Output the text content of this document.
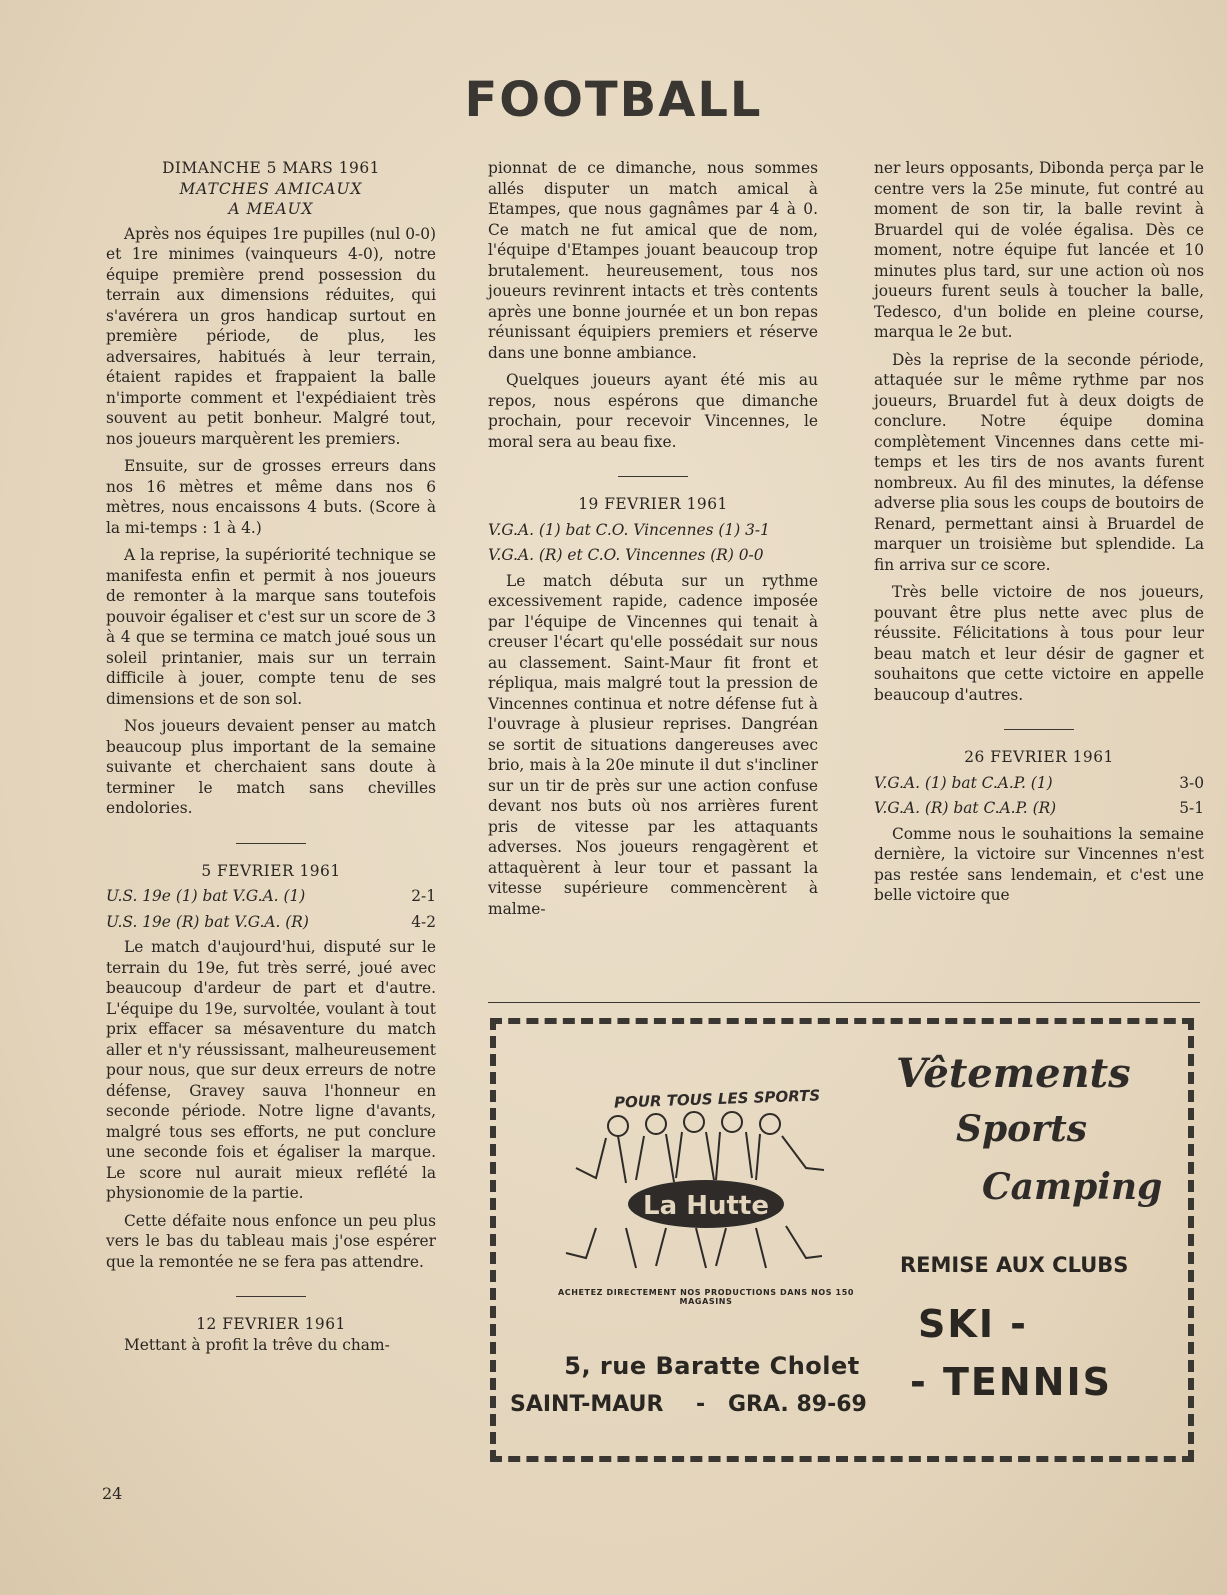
FOOTBALL
DIMANCHE 5 MARS 1961
MATCHES AMICAUX
A MEAUX

Après nos équipes 1re pupilles (nul 0-0) et 1re minimes (vainqueurs 4-0), notre équipe première prend possession du terrain aux dimensions réduites, qui s'avérera un gros handicap surtout en première période, de plus, les adversaires, habitués à leur terrain, étaient rapides et frappaient la balle n'importe comment et l'expédiaient très souvent au petit bonheur. Malgré tout, nos joueurs marquèrent les premiers.

Ensuite, sur de grosses erreurs dans nos 16 mètres et même dans nos 6 mètres, nous encaissons 4 buts. (Score à la mi-temps : 1 à 4.)

A la reprise, la supériorité technique se manifesta enfin et permit à nos joueurs de remonter à la marque sans toutefois pouvoir égaliser et c'est sur un score de 3 à 4 que se termina ce match joué sous un soleil printanier, mais sur un terrain difficile à jouer, compte tenu de ses dimensions et de son sol.

Nos joueurs devaient penser au match beaucoup plus important de la semaine suivante et cherchaient sans doute à terminer le match sans chevilles endolories.

5 FEVRIER 1961
U.S. 19e (1) bat V.G.A. (1)	2-1
U.S. 19e (R) bat V.G.A. (R)	4-2

Le match d'aujourd'hui, disputé sur le terrain du 19e, fut très serré, joué avec beaucoup d'ardeur de part et d'autre. L'équipe du 19e, survoltée, voulant à tout prix effacer sa mésaventure du match aller et n'y réussissant, malheureusement pour nous, que sur deux erreurs de notre défense, Gravey sauva l'honneur en seconde période. Notre ligne d'avants, malgré tous ses efforts, ne put conclure une seconde fois et égaliser la marque. Le score nul aurait mieux reflété la physionomie de la partie.

Cette défaite nous enfonce un peu plus vers le bas du tableau mais j'ose espérer que la remontée ne se fera pas attendre.

12 FEVRIER 1961

Mettant à profit la trêve du cham-

pionnat de ce dimanche, nous sommes allés disputer un match amical à Etampes, que nous gagnâmes par 4 à 0. Ce match ne fut amical que de nom, l'équipe d'Etampes jouant beaucoup trop brutalement. heureusement, tous nos joueurs revinrent intacts et très contents après une bonne journée et un bon repas réunissant équipiers premiers et réserve dans une bonne ambiance.

Quelques joueurs ayant été mis au repos, nous espérons que dimanche prochain, pour recevoir Vincennes, le moral sera au beau fixe.

19 FEVRIER 1961
V.G.A. (1) bat C.O. Vincennes (1) 3-1
V.G.A. (R) et C.O. Vincennes (R) 0-0

Le match débuta sur un rythme excessivement rapide, cadence imposée par l'équipe de Vincennes qui tenait à creuser l'écart qu'elle possédait sur nous au classement. Saint-Maur fit front et répliqua, mais malgré tout la pression de Vincennes continua et notre défense fut à l'ouvrage à plusieur reprises. Dangréan se sortit de situations dangereuses avec brio, mais à la 20e minute il dut s'incliner sur un tir de près sur une action confuse devant nos buts où nos arrières furent pris de vitesse par les attaquants adverses. Nos joueurs rengagèrent et attaquèrent à leur tour et passant la vitesse supérieure commencèrent à malme-

ner leurs opposants, Dibonda perça par le centre vers la 25e minute, fut contré au moment de son tir, la balle revint à Bruardel qui de volée égalisa. Dès ce moment, notre équipe fut lancée et 10 minutes plus tard, sur une action où nos joueurs furent seuls à toucher la balle, Tedesco, d'un bolide en pleine course, marqua le 2e but.

Dès la reprise de la seconde période, attaquée sur le même rythme par nos joueurs, Bruardel fut à deux doigts de conclure. Notre équipe domina complètement Vincennes dans cette mi-temps et les tirs de nos avants furent nombreux. Au fil des minutes, la défense adverse plia sous les coups de boutoirs de Renard, permettant ainsi à Bruardel de marquer un troisième but splendide. La fin arriva sur ce score.

Très belle victoire de nos joueurs, pouvant être plus nette avec plus de réussite. Félicitations à tous pour leur beau match et leur désir de gagner et souhaitons que cette victoire en appelle beaucoup d'autres.

26 FEVRIER 1961
V.G.A. (1) bat C.A.P. (1)	3-0
V.G.A. (R) bat C.A.P. (R)	5-1

Comme nous le souhaitions la semaine dernière, la victoire sur Vincennes n'est pas restée sans lendemain, et c'est une belle victoire que

POUR TOUS LES SPORTS
La Hutte
ACHETEZ DIRECTEMENT NOS PRODUCTIONS DANS NOS 150 MAGASINS
5, rue Baratte Cholet
SAINT-MAUR - GRA. 89-69
Vêtements
Sports
Camping
REMISE AUX CLUBS
SKI -
- TENNIS
24
